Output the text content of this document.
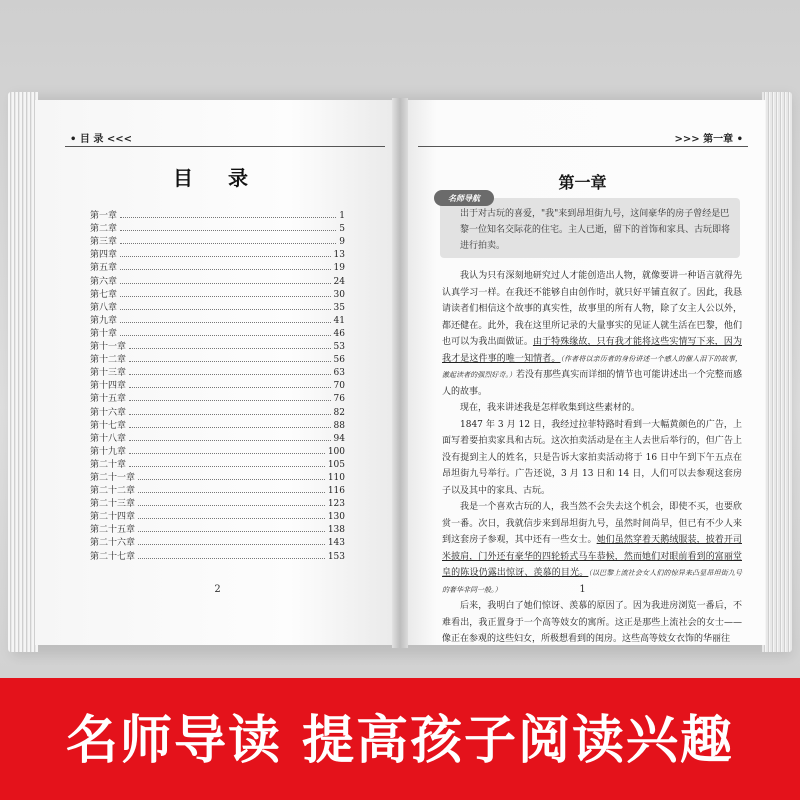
• 目 录 <<<
目 录
第一章	1
第二章	5
第三章	9
第四章	13
第五章	19
第六章	24
第七章	30
第八章	35
第九章	41
第十章	46
第十一章	53
第十二章	56
第十三章	63
第十四章	70
第十五章	76
第十六章	82
第十七章	88
第十八章	94
第十九章	100
第二十章	105
第二十一章	110
第二十二章	116
第二十三章	123
第二十四章	130
第二十五章	138
第二十六章	143
第二十七章	153
2
>>> 第一章 •
第一章
名师导航
出于对古玩的喜爱，"我"来到昂坦街九号，这间豪华的房子曾经是巴黎一位知名交际花的住宅。主人已逝，留下的首饰和家具、古玩即将进行拍卖。

我认为只有深刻地研究过人才能创造出人物，就像要讲一种语言就得先认真学习一样。在我还不能够自由创作时，就只好平铺直叙了。因此，我恳请读者们相信这个故事的真实性，故事里的所有人物，除了女主人公以外，都还健在。此外，我在这里所记录的大量事实的见证人就生活在巴黎，他们也可以为我出面做证。由于特殊缘故，只有我才能将这些实情写下来，因为我才是这件事的唯一知情者。（作者将以亲历者的身份讲述一个感人的催人泪下的故事，激起读者的强烈好奇。）若没有那些真实而详细的情节也可能讲述出一个完整而感人的故事。

现在，我来讲述我是怎样收集到这些素材的。

1847 年 3 月 12 日，我经过拉菲特路时看到一大幅黄颜色的广告，上面写着要拍卖家具和古玩。这次拍卖活动是在主人去世后举行的，但广告上没有提到主人的姓名，只是告诉大家拍卖活动将于 16 日中午到下午五点在昂坦街九号举行。广告还说，3 月 13 日和 14 日，人们可以去参观这套房子以及其中的家具、古玩。

我是一个喜欢古玩的人，我当然不会失去这个机会，即使不买，也要欣赏一番。次日，我就信步来到昂坦街九号，虽然时间尚早，但已有不少人来到这套房子参观，其中还有一些女士。她们虽然穿着天鹅绒服装，披着开司米披肩，门外还有豪华的四轮轿式马车恭候，然而她们对眼前看到的富丽堂皇的陈设仍露出惊讶、羡慕的目光。（以巴黎上流社会女人们的惊异来凸显昂坦街九号的奢华非同一般。）

后来，我明白了她们惊讶、羡慕的原因了。因为我进房浏览一番后，不难看出，我正置身于一个高等妓女的寓所。这正是那些上流社会的女士——像正在参观的这些妇女，所极想看到的闺房。这些高等妓女衣饰的华丽往

1
名师导读 提高孩子阅读兴趣
